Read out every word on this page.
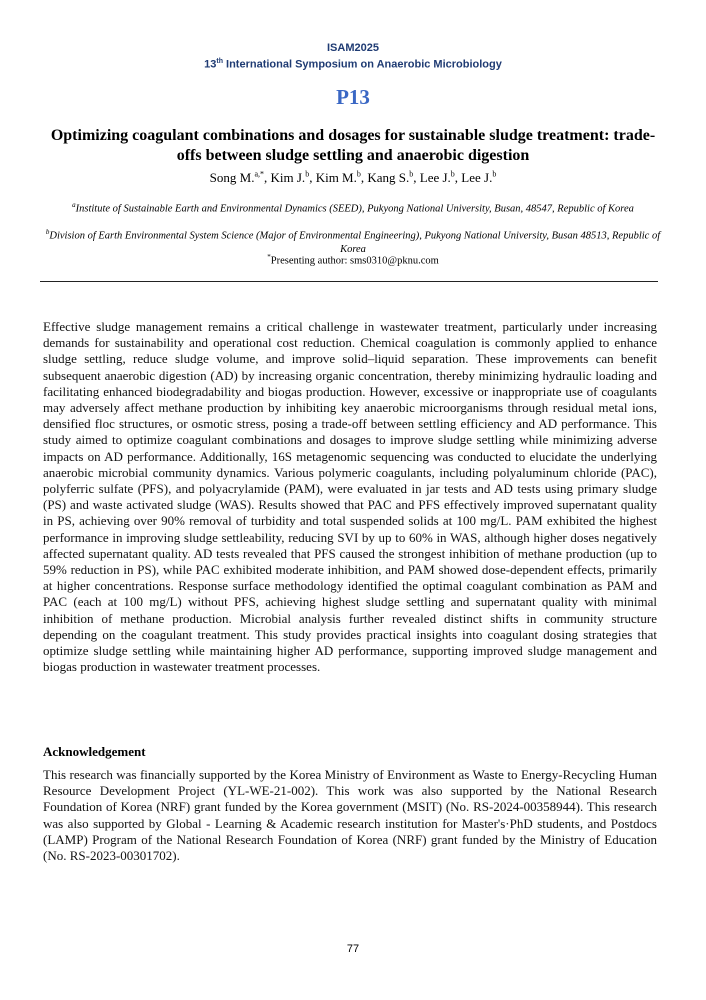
ISAM2025
13th International Symposium on Anaerobic Microbiology
P13
Optimizing coagulant combinations and dosages for sustainable sludge treatment: trade-offs between sludge settling and anaerobic digestion
Song M.$^{a,*}$, Kim J.$^b$, Kim M.$^b$, Kang S.$^b$, Lee J.$^b$, Lee J.$^b$
$^a$Institute of Sustainable Earth and Environmental Dynamics (SEED), Pukyong National University, Busan, 48547, Republic of Korea
$^b$Division of Earth Environmental System Science (Major of Environmental Engineering), Pukyong National University, Busan 48513, Republic of Korea
*Presenting author: sms0310@pknu.com
Effective sludge management remains a critical challenge in wastewater treatment, particularly under increasing demands for sustainability and operational cost reduction. Chemical coagulation is commonly applied to enhance sludge settling, reduce sludge volume, and improve solid–liquid separation. These improvements can benefit subsequent anaerobic digestion (AD) by increasing organic concentration, thereby minimizing hydraulic loading and facilitating enhanced biodegradability and biogas production. However, excessive or inappropriate use of coagulants may adversely affect methane production by inhibiting key anaerobic microorganisms through residual metal ions, densified floc structures, or osmotic stress, posing a trade-off between settling efficiency and AD performance. This study aimed to optimize coagulant combinations and dosages to improve sludge settling while minimizing adverse impacts on AD performance. Additionally, 16S metagenomic sequencing was conducted to elucidate the underlying anaerobic microbial community dynamics. Various polymeric coagulants, including polyaluminum chloride (PAC), polyferric sulfate (PFS), and polyacrylamide (PAM), were evaluated in jar tests and AD tests using primary sludge (PS) and waste activated sludge (WAS). Results showed that PAC and PFS effectively improved supernatant quality in PS, achieving over 90% removal of turbidity and total suspended solids at 100 mg/L. PAM exhibited the highest performance in improving sludge settleability, reducing SVI by up to 60% in WAS, although higher doses negatively affected supernatant quality. AD tests revealed that PFS caused the strongest inhibition of methane production (up to 59% reduction in PS), while PAC exhibited moderate inhibition, and PAM showed dose-dependent effects, primarily at higher concentrations. Response surface methodology identified the optimal coagulant combination as PAM and PAC (each at 100 mg/L) without PFS, achieving highest sludge settling and supernatant quality with minimal inhibition of methane production. Microbial analysis further revealed distinct shifts in community structure depending on the coagulant treatment. This study provides practical insights into coagulant dosing strategies that optimize sludge settling while maintaining higher AD performance, supporting improved sludge management and biogas production in wastewater treatment processes.
Acknowledgement
This research was financially supported by the Korea Ministry of Environment as Waste to Energy-Recycling Human Resource Development Project (YL-WE-21-002). This work was also supported by the National Research Foundation of Korea (NRF) grant funded by the Korea government (MSIT) (No. RS-2024-00358944). This research was also supported by Global - Learning & Academic research institution for Master's·PhD students, and Postdocs (LAMP) Program of the National Research Foundation of Korea (NRF) grant funded by the Ministry of Education (No. RS-2023-00301702).
77
